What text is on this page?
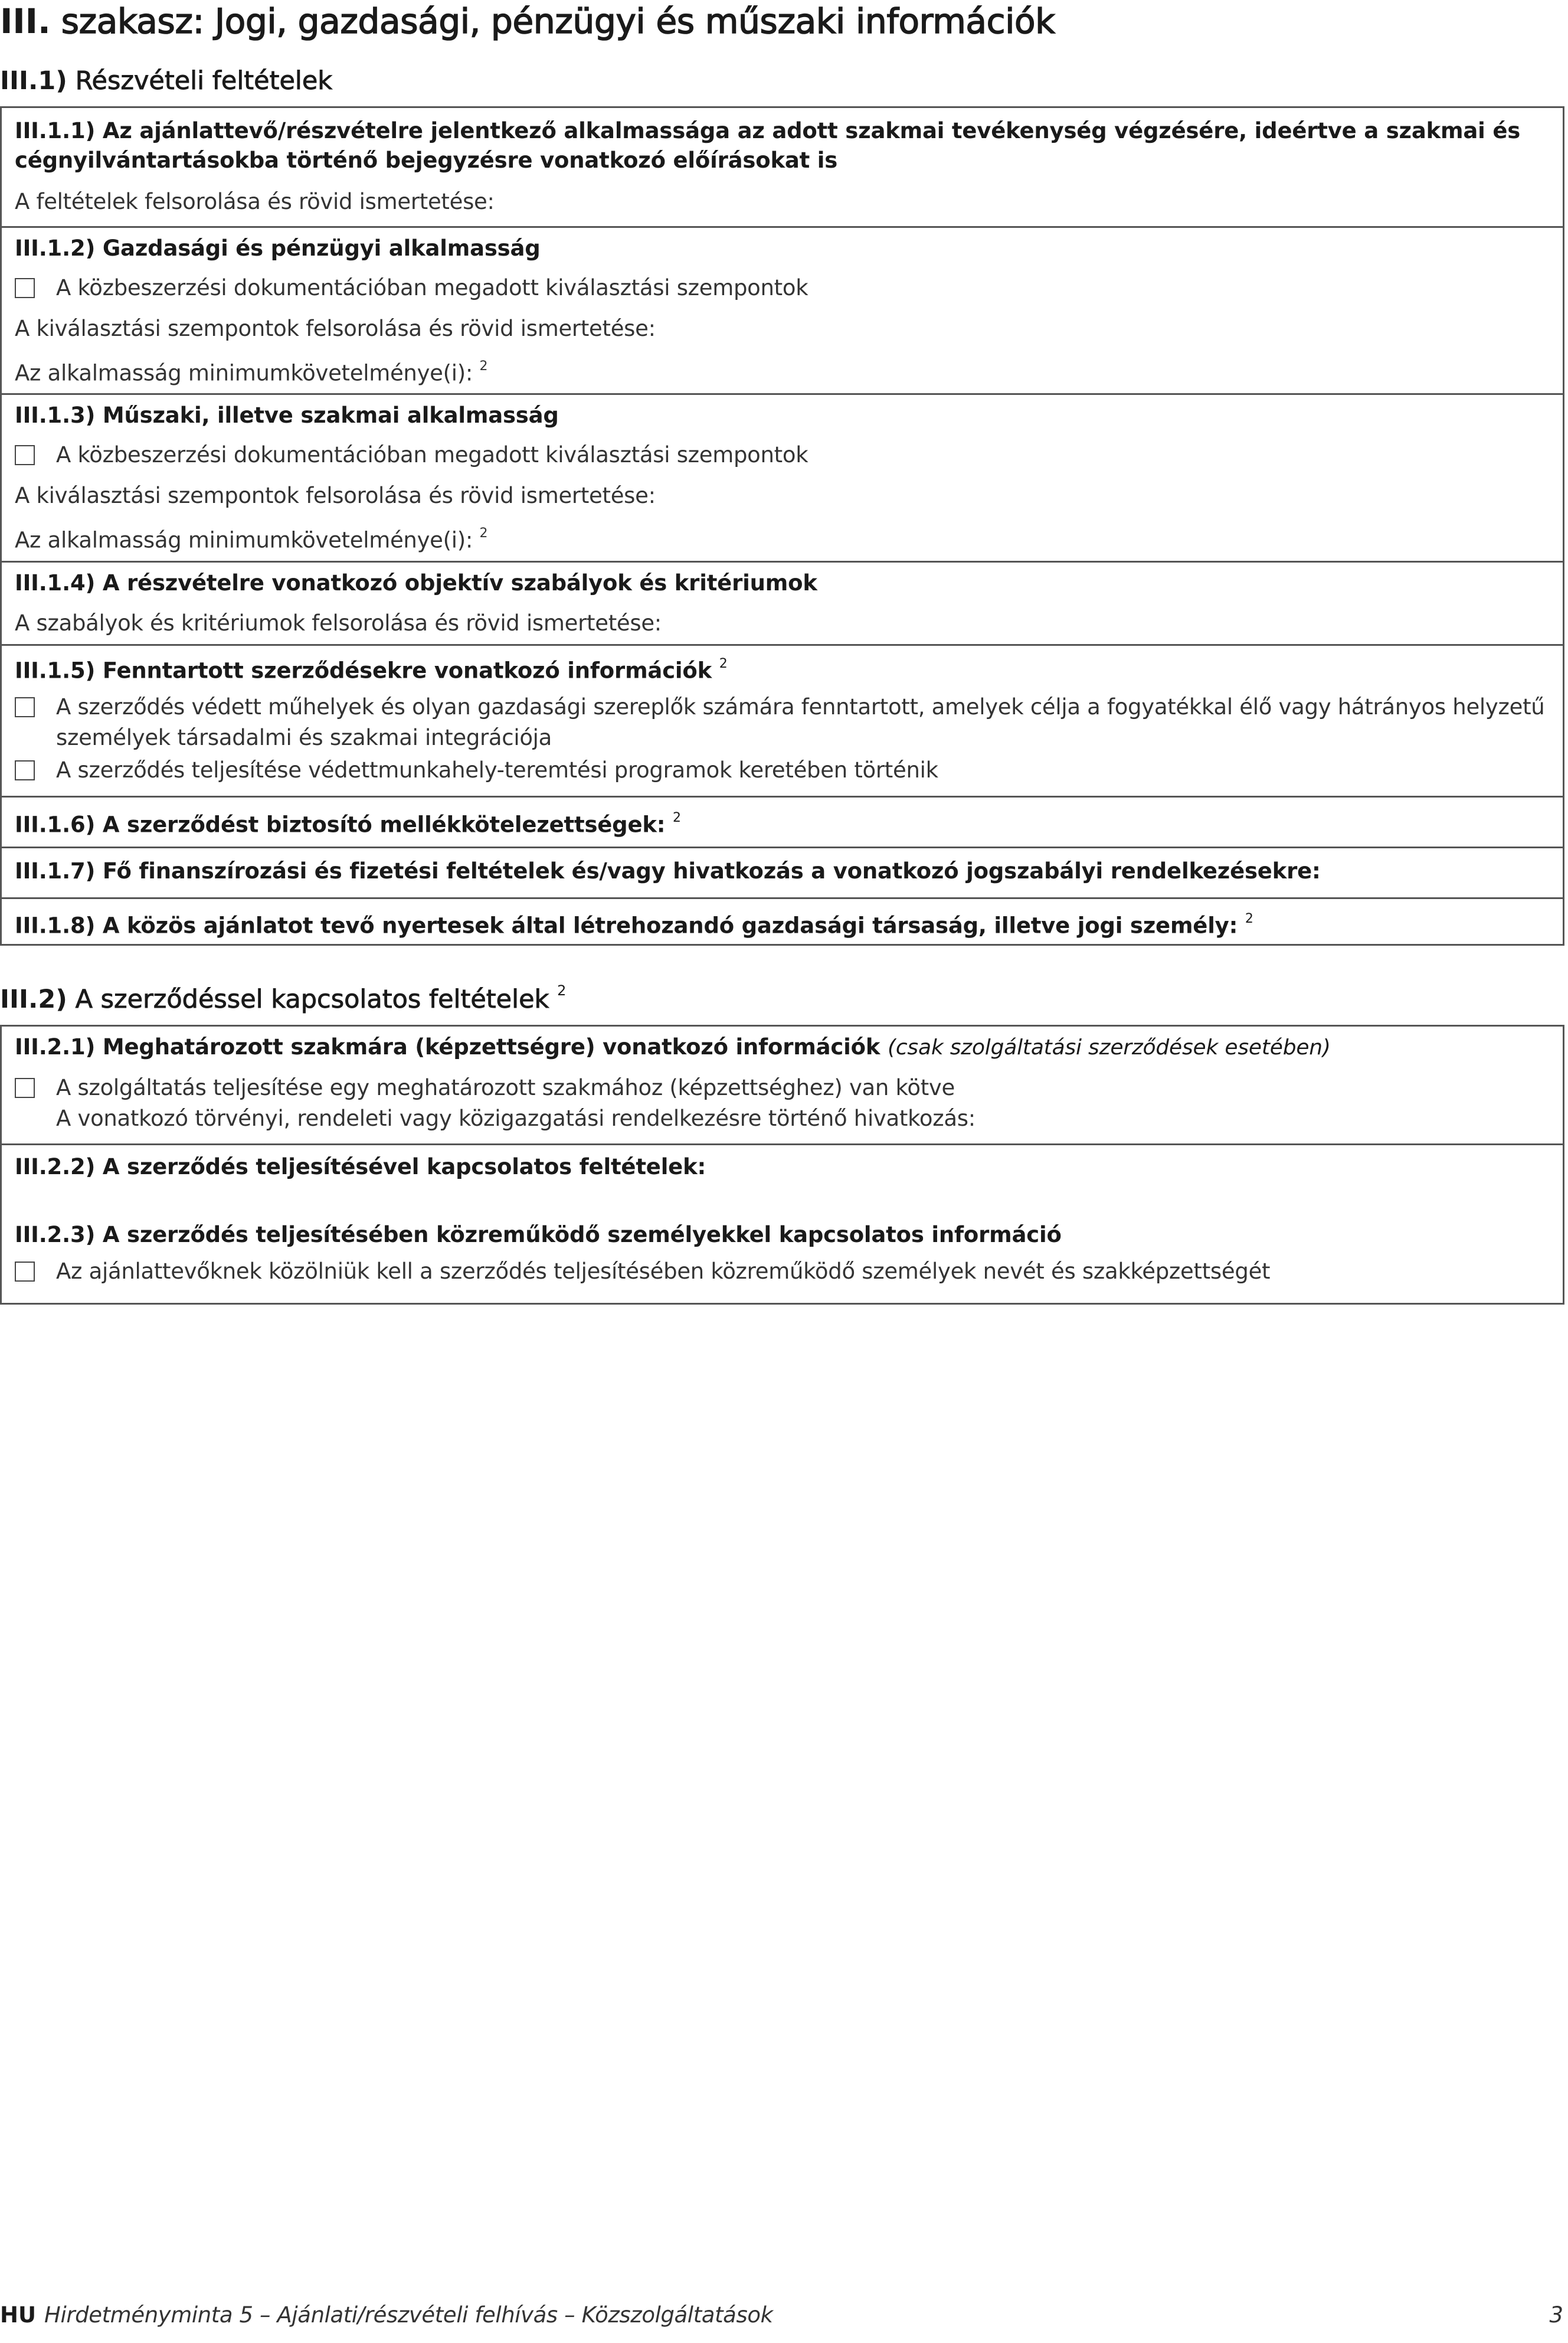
III. szakasz: Jogi, gazdasági, pénzügyi és műszaki információk
III.1) Részvételi feltételek
III.1.1) Az ajánlattevő/részvételre jelentkező alkalmassága az adott szakmai tevékenység végzésére, ideértve a szakmai és
cégnyilvántartásokba történő bejegyzésre vonatkozó előírásokat is
A feltételek felsorolása és rövid ismertetése:
III.1.2) Gazdasági és pénzügyi alkalmasság
A közbeszerzési dokumentációban megadott kiválasztási szempontok
A kiválasztási szempontok felsorolása és rövid ismertetése:
Az alkalmasság minimumkövetelménye(i): $^2$
III.1.3) Műszaki, illetve szakmai alkalmasság
A közbeszerzési dokumentációban megadott kiválasztási szempontok
A kiválasztási szempontok felsorolása és rövid ismertetése:
Az alkalmasság minimumkövetelménye(i): $^2$
III.1.4) A részvételre vonatkozó objektív szabályok és kritériumok
A szabályok és kritériumok felsorolása és rövid ismertetése:
III.1.5) Fenntartott szerződésekre vonatkozó információk $^2$
A szerződés védett műhelyek és olyan gazdasági szereplők számára fenntartott, amelyek célja a fogyatékkal élő vagy hátrányos helyzetű
személyek társadalmi és szakmai integrációja
A szerződés teljesítése védettmunkahely-teremtési programok keretében történik
III.1.6) A szerződést biztosító mellékkötelezettségek: $^2$
III.1.7) Fő finanszírozási és fizetési feltételek és/vagy hivatkozás a vonatkozó jogszabályi rendelkezésekre:
III.1.8) A közös ajánlatot tevő nyertesek által létrehozandó gazdasági társaság, illetve jogi személy: $^2$
III.2) A szerződéssel kapcsolatos feltételek $^2$
III.2.1) Meghatározott szakmára (képzettségre) vonatkozó információk (csak szolgáltatási szerződések esetében)
A szolgáltatás teljesítése egy meghatározott szakmához (képzettséghez) van kötve
A vonatkozó törvényi, rendeleti vagy közigazgatási rendelkezésre történő hivatkozás:
III.2.2) A szerződés teljesítésével kapcsolatos feltételek:
III.2.3) A szerződés teljesítésében közreműködő személyekkel kapcsolatos információ
Az ajánlattevőknek közölniük kell a szerződés teljesítésében közreműködő személyek nevét és szakképzettségét
HU Hirdetményminta 5 – Ajánlati/részvételi felhívás – Közszolgáltatások	3
